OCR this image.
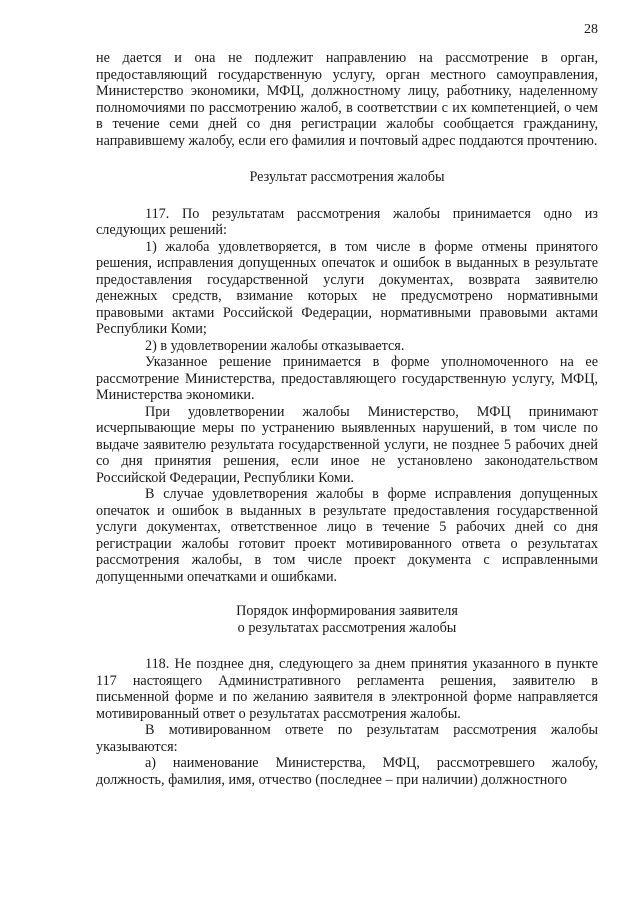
28

не дается и она не подлежит направлению на рассмотрение в орган, предоставляющий государственную услугу, орган местного самоуправления, Министерство экономики, МФЦ, должностному лицу, работнику, наделенному полномочиями по рассмотрению жалоб, в соответствии с их компетенцией, о чем в течение семи дней со дня регистрации жалобы сообщается гражданину, направившему жалобу, если его фамилия и почтовый адрес поддаются прочтению.

Результат рассмотрения жалобы

117. По результатам рассмотрения жалобы принимается одно из следующих решений:

1) жалоба удовлетворяется, в том числе в форме отмены принятого решения, исправления допущенных опечаток и ошибок в выданных в результате предоставления государственной услуги документах, возврата заявителю денежных средств, взимание которых не предусмотрено нормативными правовыми актами Российской Федерации, нормативными правовыми актами Республики Коми;

2) в удовлетворении жалобы отказывается.

Указанное решение принимается в форме уполномоченного на ее рассмотрение Министерства, предоставляющего государственную услугу, МФЦ, Министерства экономики.

При удовлетворении жалобы Министерство, МФЦ принимают исчерпывающие меры по устранению выявленных нарушений, в том числе по выдаче заявителю результата государственной услуги, не позднее 5 рабочих дней со дня принятия решения, если иное не установлено законодательством Российской Федерации, Республики Коми.

В случае удовлетворения жалобы в форме исправления допущенных опечаток и ошибок в выданных в результате предоставления государственной услуги документах, ответственное лицо в течение 5 рабочих дней со дня регистрации жалобы готовит проект мотивированного ответа о результатах рассмотрения жалобы, в том числе проект документа с исправленными допущенными опечатками и ошибками.

Порядок информирования заявителя

о результатах рассмотрения жалобы

118. Не позднее дня, следующего за днем принятия указанного в пункте 117 настоящего Административного регламента решения, заявителю в письменной форме и по желанию заявителя в электронной форме направляется мотивированный ответ о результатах рассмотрения жалобы.

В мотивированном ответе по результатам рассмотрения жалобы указываются:

а) наименование Министерства, МФЦ, рассмотревшего жалобу, должность, фамилия, имя, отчество (последнее – при наличии) должностного
